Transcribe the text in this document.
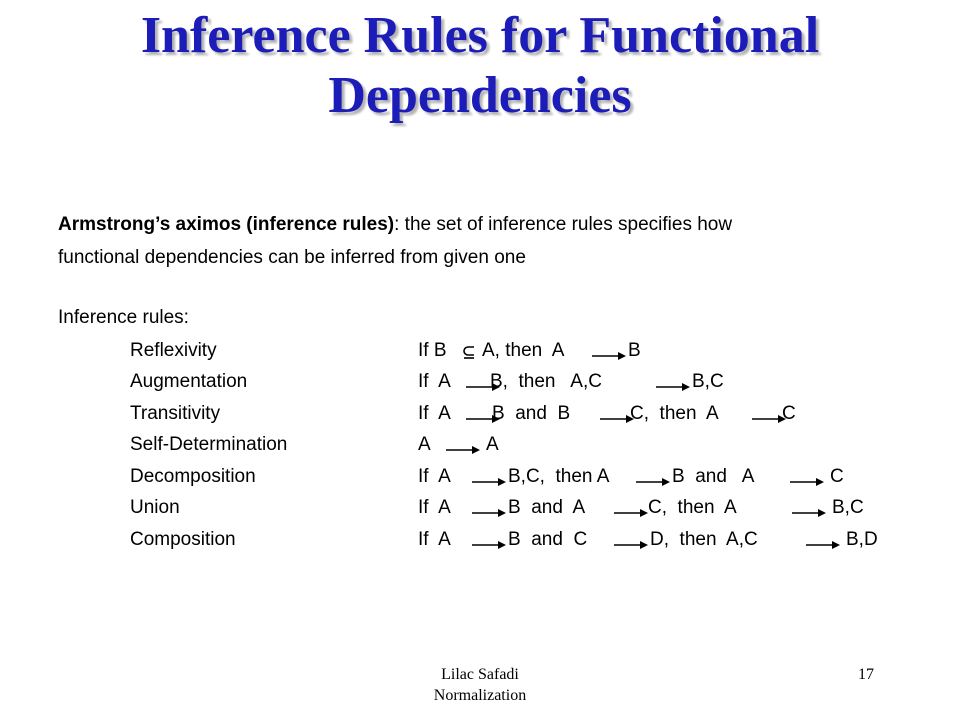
Inference Rules for Functional
Dependencies
Armstrong’s aximos (inference rules): the set of inference rules specifies how
functional dependencies can be inferred from given one
Inference rules:
Reflexivity	If B A, then  A	B
Augmentation	If  A B,  then   A,C	B,C
Transitivity	If  A B  and  B	C,  then  A	C
Self-Determination	A	A
Decomposition	If  A	B,C,  then A	B  and   A	C
Union	If  A	B  and  A	C,  then  A	B,C
Composition	If  A	B  and  C	D,  then  A,C	B,D
Lilac Safadi
Normalization
17
